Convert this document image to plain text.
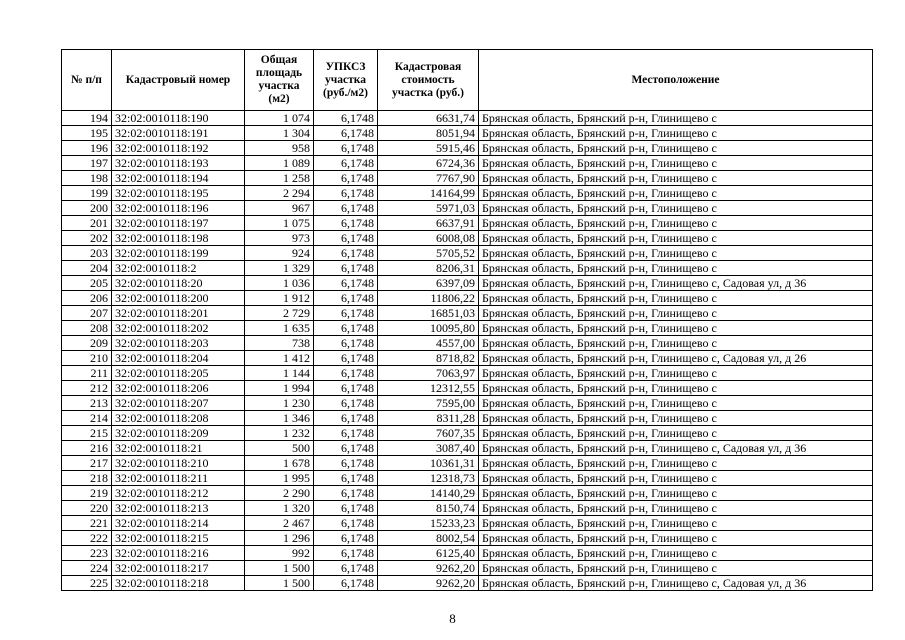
№ п/п	Кадастровый номер	Общая площадь участка (м2)	УПКСЗ участка (руб./м2)	Кадастровая стоимость участка (руб.)	Местоположение
194	32:02:0010118:190	1 074	6,1748	6631,74	Брянская область, Брянский р-н, Глинищево с
195	32:02:0010118:191	1 304	6,1748	8051,94	Брянская область, Брянский р-н, Глинищево с
196	32:02:0010118:192	958	6,1748	5915,46	Брянская область, Брянский р-н, Глинищево с
197	32:02:0010118:193	1 089	6,1748	6724,36	Брянская область, Брянский р-н, Глинищево с
198	32:02:0010118:194	1 258	6,1748	7767,90	Брянская область, Брянский р-н, Глинищево с
199	32:02:0010118:195	2 294	6,1748	14164,99	Брянская область, Брянский р-н, Глинищево с
200	32:02:0010118:196	967	6,1748	5971,03	Брянская область, Брянский р-н, Глинищево с
201	32:02:0010118:197	1 075	6,1748	6637,91	Брянская область, Брянский р-н, Глинищево с
202	32:02:0010118:198	973	6,1748	6008,08	Брянская область, Брянский р-н, Глинищево с
203	32:02:0010118:199	924	6,1748	5705,52	Брянская область, Брянский р-н, Глинищево с
204	32:02:0010118:2	1 329	6,1748	8206,31	Брянская область, Брянский р-н, Глинищево с
205	32:02:0010118:20	1 036	6,1748	6397,09	Брянская область, Брянский р-н, Глинищево с, Садовая ул, д 36
206	32:02:0010118:200	1 912	6,1748	11806,22	Брянская область, Брянский р-н, Глинищево с
207	32:02:0010118:201	2 729	6,1748	16851,03	Брянская область, Брянский р-н, Глинищево с
208	32:02:0010118:202	1 635	6,1748	10095,80	Брянская область, Брянский р-н, Глинищево с
209	32:02:0010118:203	738	6,1748	4557,00	Брянская область, Брянский р-н, Глинищево с
210	32:02:0010118:204	1 412	6,1748	8718,82	Брянская область, Брянский р-н, Глинищево с, Садовая ул, д 26
211	32:02:0010118:205	1 144	6,1748	7063,97	Брянская область, Брянский р-н, Глинищево с
212	32:02:0010118:206	1 994	6,1748	12312,55	Брянская область, Брянский р-н, Глинищево с
213	32:02:0010118:207	1 230	6,1748	7595,00	Брянская область, Брянский р-н, Глинищево с
214	32:02:0010118:208	1 346	6,1748	8311,28	Брянская область, Брянский р-н, Глинищево с
215	32:02:0010118:209	1 232	6,1748	7607,35	Брянская область, Брянский р-н, Глинищево с
216	32:02:0010118:21	500	6,1748	3087,40	Брянская область, Брянский р-н, Глинищево с, Садовая ул, д 36
217	32:02:0010118:210	1 678	6,1748	10361,31	Брянская область, Брянский р-н, Глинищево с
218	32:02:0010118:211	1 995	6,1748	12318,73	Брянская область, Брянский р-н, Глинищево с
219	32:02:0010118:212	2 290	6,1748	14140,29	Брянская область, Брянский р-н, Глинищево с
220	32:02:0010118:213	1 320	6,1748	8150,74	Брянская область, Брянский р-н, Глинищево с
221	32:02:0010118:214	2 467	6,1748	15233,23	Брянская область, Брянский р-н, Глинищево с
222	32:02:0010118:215	1 296	6,1748	8002,54	Брянская область, Брянский р-н, Глинищево с
223	32:02:0010118:216	992	6,1748	6125,40	Брянская область, Брянский р-н, Глинищево с
224	32:02:0010118:217	1 500	6,1748	9262,20	Брянская область, Брянский р-н, Глинищево с
225	32:02:0010118:218	1 500	6,1748	9262,20	Брянская область, Брянский р-н, Глинищево с, Садовая ул, д 36
8
